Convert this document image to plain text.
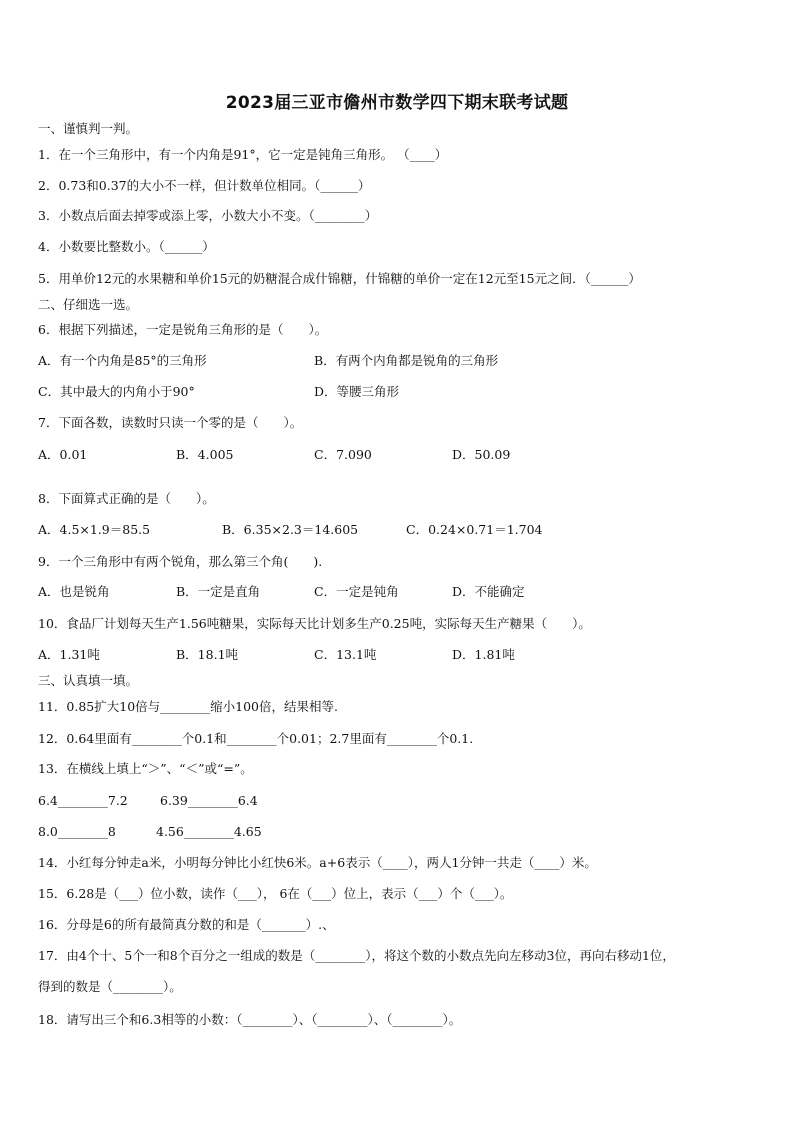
2023届三亚市儋州市数学四下期末联考试题
一、谨慎判一判。
1．在一个三角形中，有一个内角是91°，它一定是钝角三角形。 （____）
2．0.73和0.37的大小不一样，但计数单位相同。（______）
3．小数点后面去掉零或添上零，小数大小不变。（________）
4．小数要比整数小。（______）
5．用单价12元的水果糖和单价15元的奶糖混合成什锦糖，什锦糖的单价一定在12元至15元之间．（______）
二、仔细选一选。
6．根据下列描述，一定是锐角三角形的是（　　）。
A．有一个内角是85°的三角形	B．有两个内角都是锐角的三角形
C．其中最大的内角小于90°	D．等腰三角形
7．下面各数，读数时只读一个零的是（　　）。
A．0.01	B．4.005	C．7.090	D．50.09
8．下面算式正确的是（　　）。
A．4.5×1.9＝85.5	B．6.35×2.3＝14.605	C．0.24×0.71＝1.704
9．一个三角形中有两个锐角，那么第三个角(　　).
A．也是锐角	B．一定是直角	C．一定是钝角	D．不能确定
10．食品厂计划每天生产1.56吨糖果，实际每天比计划多生产0.25吨，实际每天生产糖果（　　）。
A．1.31吨	B．18.1吨	C．13.1吨	D．1.81吨
三、认真填一填。
11．0.85扩大10倍与________缩小100倍，结果相等.
12．0.64里面有________个0.1和________个0.01；2.7里面有________个0.1.
13．在横线上填上“＞”、“＜”或“=”。
6.4________7.2	6.39________6.4
8.0________8	4.56________4.65
14．小红每分钟走a米，小明每分钟比小红快6米。a+6表示（____），两人1分钟一共走（____）米。
15．6.28是（___）位小数，读作（___）， 6在（___）位上，表示（___）个（___）。
16．分母是6的所有最简真分数的和是（_______）.、
17．由4个十、5个一和8个百分之一组成的数是（________），将这个数的小数点先向左移动3位，再向右移动1位，
得到的数是（________）。
18．请写出三个和6.3相等的小数：（________）、（________）、（________）。
